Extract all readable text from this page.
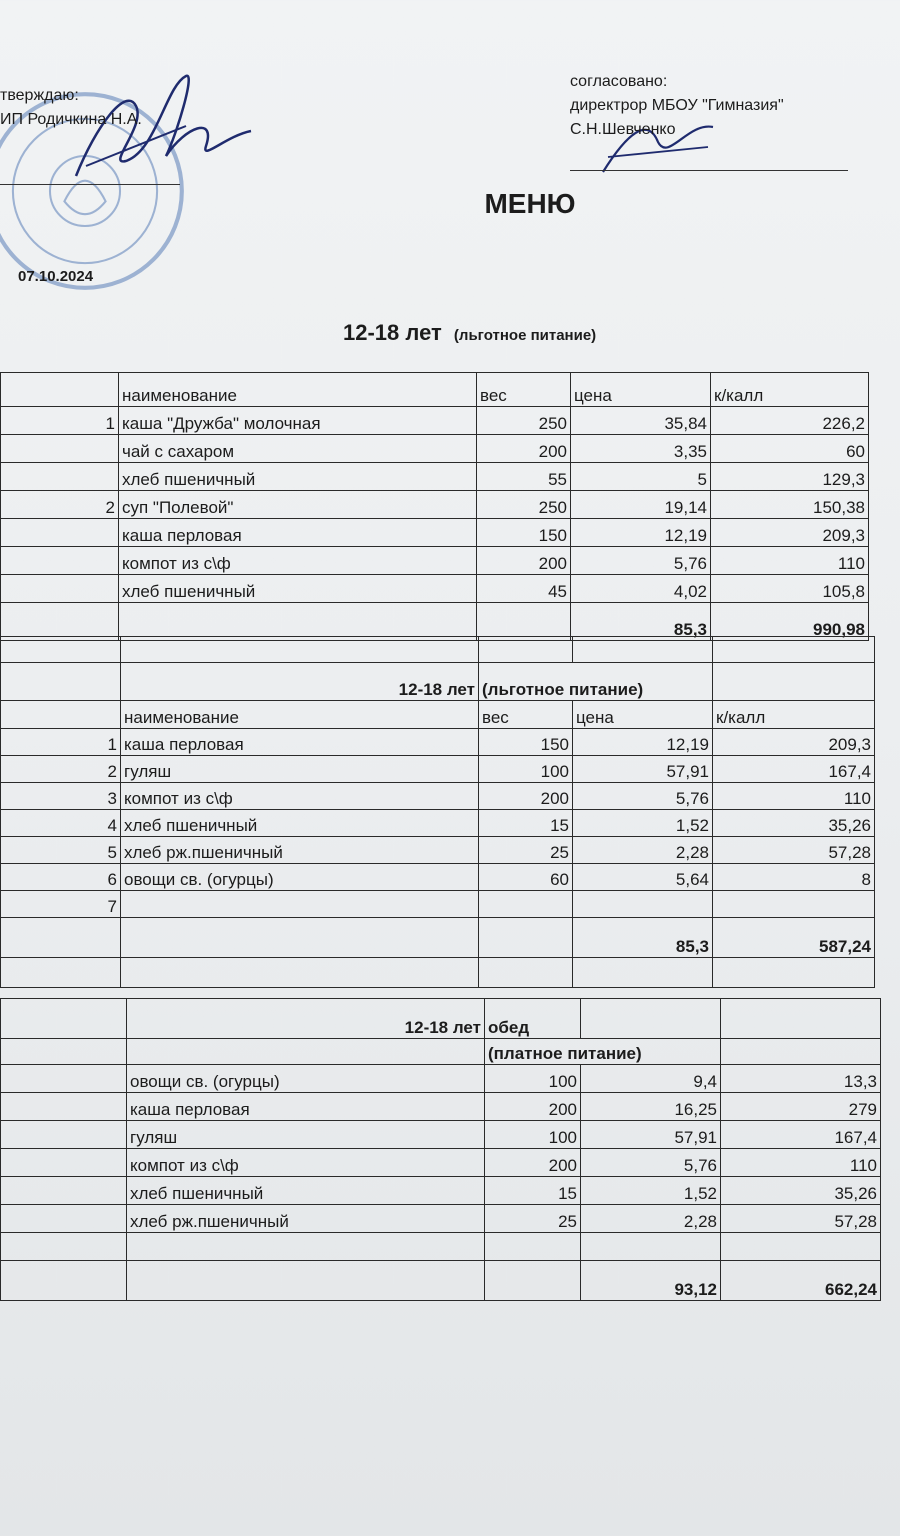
тверждаю:
ИП Родичкина Н.А.
07.10.2024
согласовано:
директрор МБОУ "Гимназия"
С.Н.Шевченко
МЕНЮ
12-18 лет (льготное питание)
	наименование	вес	цена	к/калл
1	каша "Дружба" молочная	250	35,84	226,2
	чай с сахаром	200	3,35	60
	хлеб пшеничный	55	5	129,3
2	суп "Полевой"	250	19,14	150,38
	каша перловая	150	12,19	209,3
	компот из с\ф	200	5,76	110
	хлеб пшеничный	45	4,02	105,8
			85,3	990,98

	12-18 лет	(льготное питание)		
	наименование	вес	цена	к/калл
1	каша перловая	150	12,19	209,3
2	гуляш	100	57,91	167,4
3	компот из с\ф	200	5,76	110
4	хлеб пшеничный	15	1,52	35,26
5	хлеб рж.пшеничный	25	2,28	57,28
6	овощи св. (огурцы)	60	5,64	8
7				
			85,3	587,24

	12-18 лет	обед		
		(платное питание)		
	овощи св. (огурцы)	100	9,4	13,3
	каша перловая	200	16,25	279
	гуляш	100	57,91	167,4
	компот из с\ф	200	5,76	110
	хлеб пшеничный	15	1,52	35,26
	хлеб рж.пшеничный	25	2,28	57,28

			93,12	662,24
